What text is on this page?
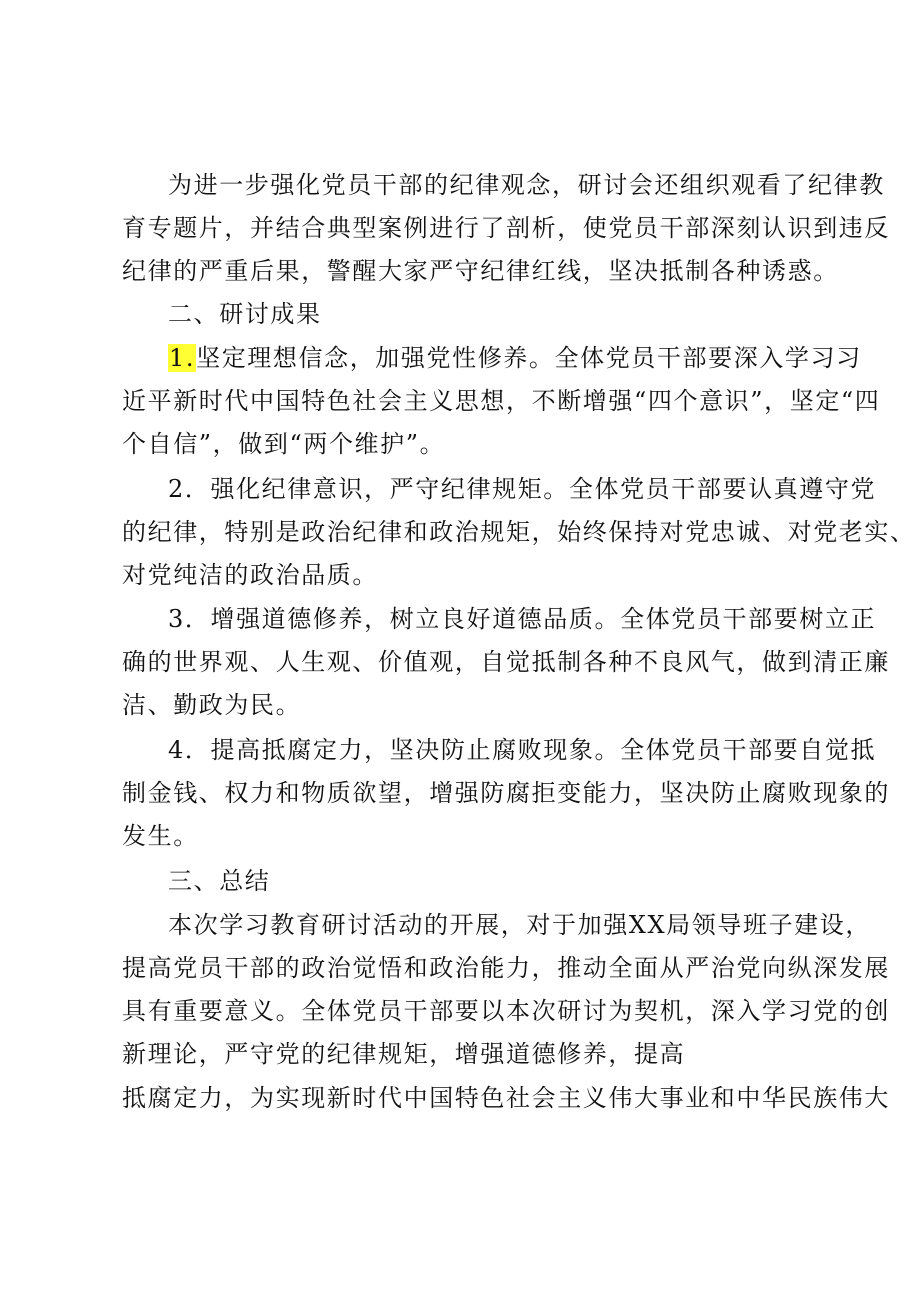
为进一步强化党员干部的纪律观念，研讨会还组织观看了纪律教
育专题片，并结合典型案例进行了剖析，使党员干部深刻认识到违反
纪律的严重后果，警醒大家严守纪律红线，坚决抵制各种诱惑。
二、研讨成果
1.坚定理想信念，加强党性修养。全体党员干部要深入学习习
近平新时代中国特色社会主义思想，不断增强“四个意识”，坚定“四
个自信”，做到“两个维护”。
2．强化纪律意识，严守纪律规矩。全体党员干部要认真遵守党
的纪律，特别是政治纪律和政治规矩，始终保持对党忠诚、对党老实、
对党纯洁的政治品质。
3．增强道德修养，树立良好道德品质。全体党员干部要树立正
确的世界观、人生观、价值观，自觉抵制各种不良风气，做到清正廉
洁、勤政为民。
4．提高抵腐定力，坚决防止腐败现象。全体党员干部要自觉抵
制金钱、权力和物质欲望，增强防腐拒变能力，坚决防止腐败现象的
发生。
三、总结
本次学习教育研讨活动的开展，对于加强XX局领导班子建设，
提高党员干部的政治觉悟和政治能力，推动全面从严治党向纵深发展
具有重要意义。全体党员干部要以本次研讨为契机，深入学习党的创
新理论，严守党的纪律规矩，增强道德修养，提高
抵腐定力，为实现新时代中国特色社会主义伟大事业和中华民族伟大
